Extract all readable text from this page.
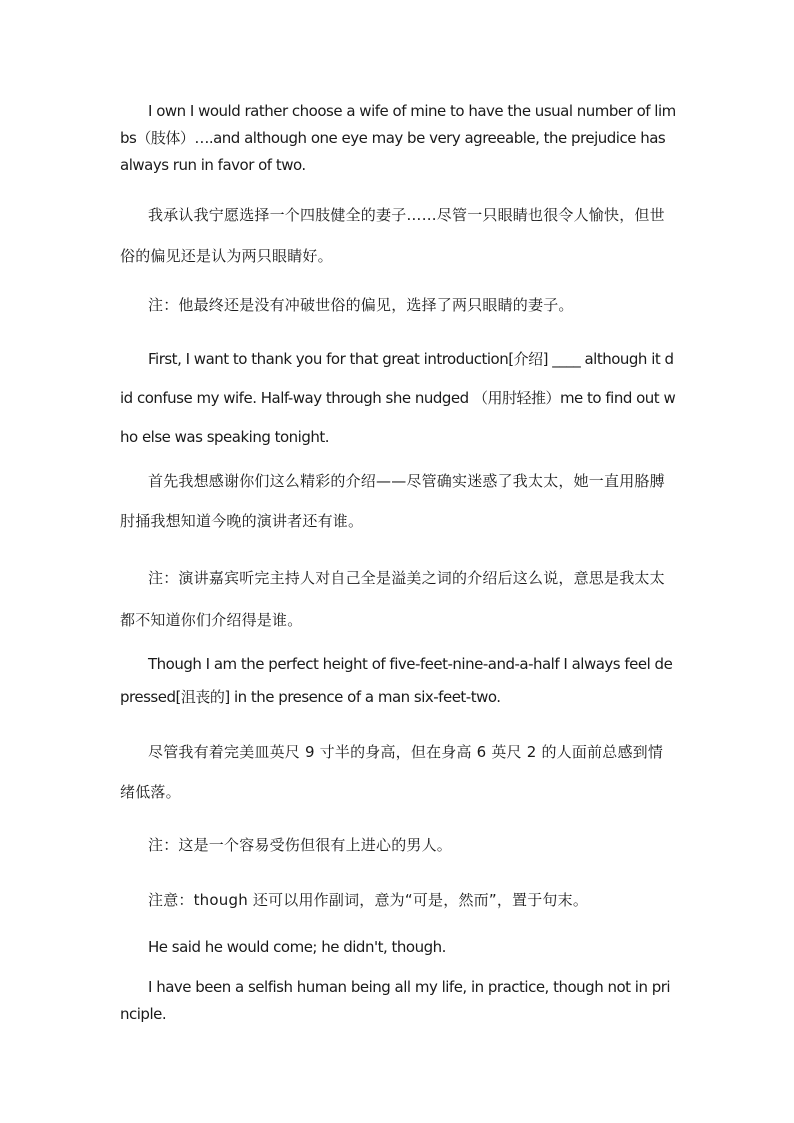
I own I would rather choose a wife of mine to have the usual number of limbs（肢体）….and although one eye may be very agreeable, the prejudice has always run in favor of two.

我承认我宁愿选择一个四肢健全的妻子……尽管一只眼睛也很令人愉快，但世俗的偏见还是认为两只眼睛好。

注：他最终还是没有冲破世俗的偏见，选择了两只眼睛的妻子。

First, I want to thank you for that great introduction[介绍] ____ although it did confuse my wife. Half-way through she nudged （用肘轻推）me to find out who else was speaking tonight.

首先我想感谢你们这么精彩的介绍——尽管确实迷惑了我太太，她一直用胳膊肘捅我想知道今晚的演讲者还有谁。

注：演讲嘉宾听完主持人对自己全是溢美之词的介绍后这么说，意思是我太太都不知道你们介绍得是谁。

Though I am the perfect height of five-feet-nine-and-a-half I always feel depressed[沮丧的] in the presence of a man six-feet-two.

尽管我有着完美皿英尺 9 寸半的身高，但在身高 6 英尺 2 的人面前总感到情绪低落。

注：这是一个容易受伤但很有上进心的男人。

注意：though 还可以用作副词，意为“可是，然而”，置于句末。

He said he would come; he didn't, though.

I have been a selfish human being all my life, in practice, though not in principle.
